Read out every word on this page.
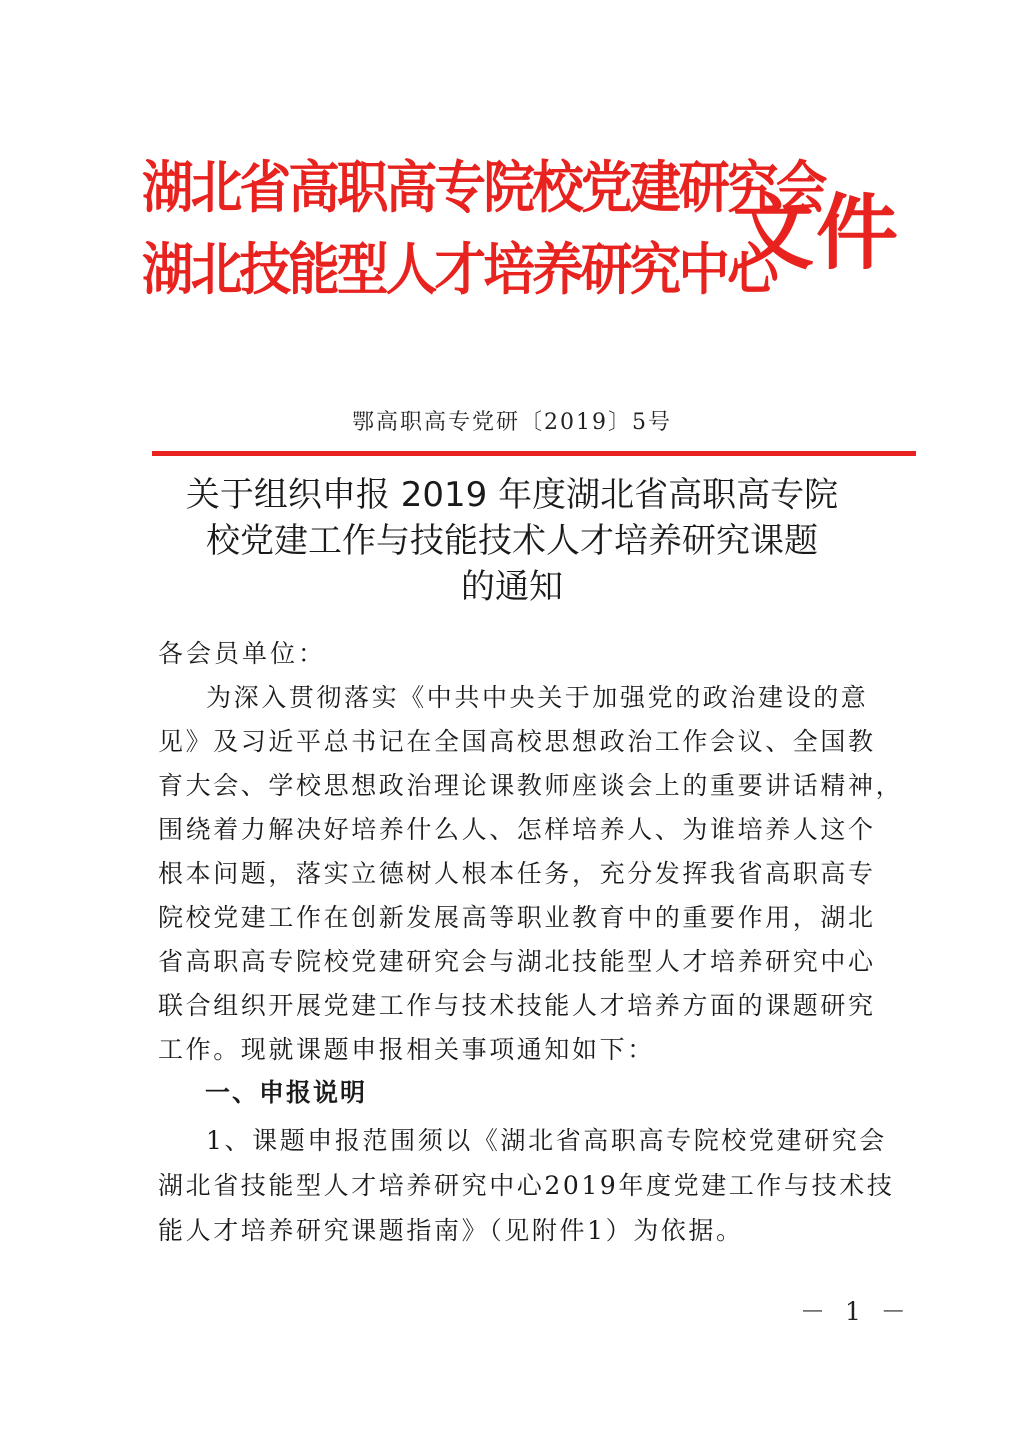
湖北省高职高专院校党建研究会
湖北技能型人才培养研究中心
文件
鄂高职高专党研〔2019〕5号
关于组织申报 2019 年度湖北省高职高专院
校党建工作与技能技术人才培养研究课题
的通知
各会员单位：
为深入贯彻落实《中共中央关于加强党的政治建设的意
见》及习近平总书记在全国高校思想政治工作会议、全国教
育大会、学校思想政治理论课教师座谈会上的重要讲话精神，
围绕着力解决好培养什么人、怎样培养人、为谁培养人这个
根本问题，落实立德树人根本任务，充分发挥我省高职高专
院校党建工作在创新发展高等职业教育中的重要作用，湖北
省高职高专院校党建研究会与湖北技能型人才培养研究中心
联合组织开展党建工作与技术技能人才培养方面的课题研究
工作。现就课题申报相关事项通知如下：
一、申报说明
1、课题申报范围须以《湖北省高职高专院校党建研究会
湖北省技能型人才培养研究中心2019年度党建工作与技术技
能人才培养研究课题指南》（见附件1）为依据。
－ 1 －
